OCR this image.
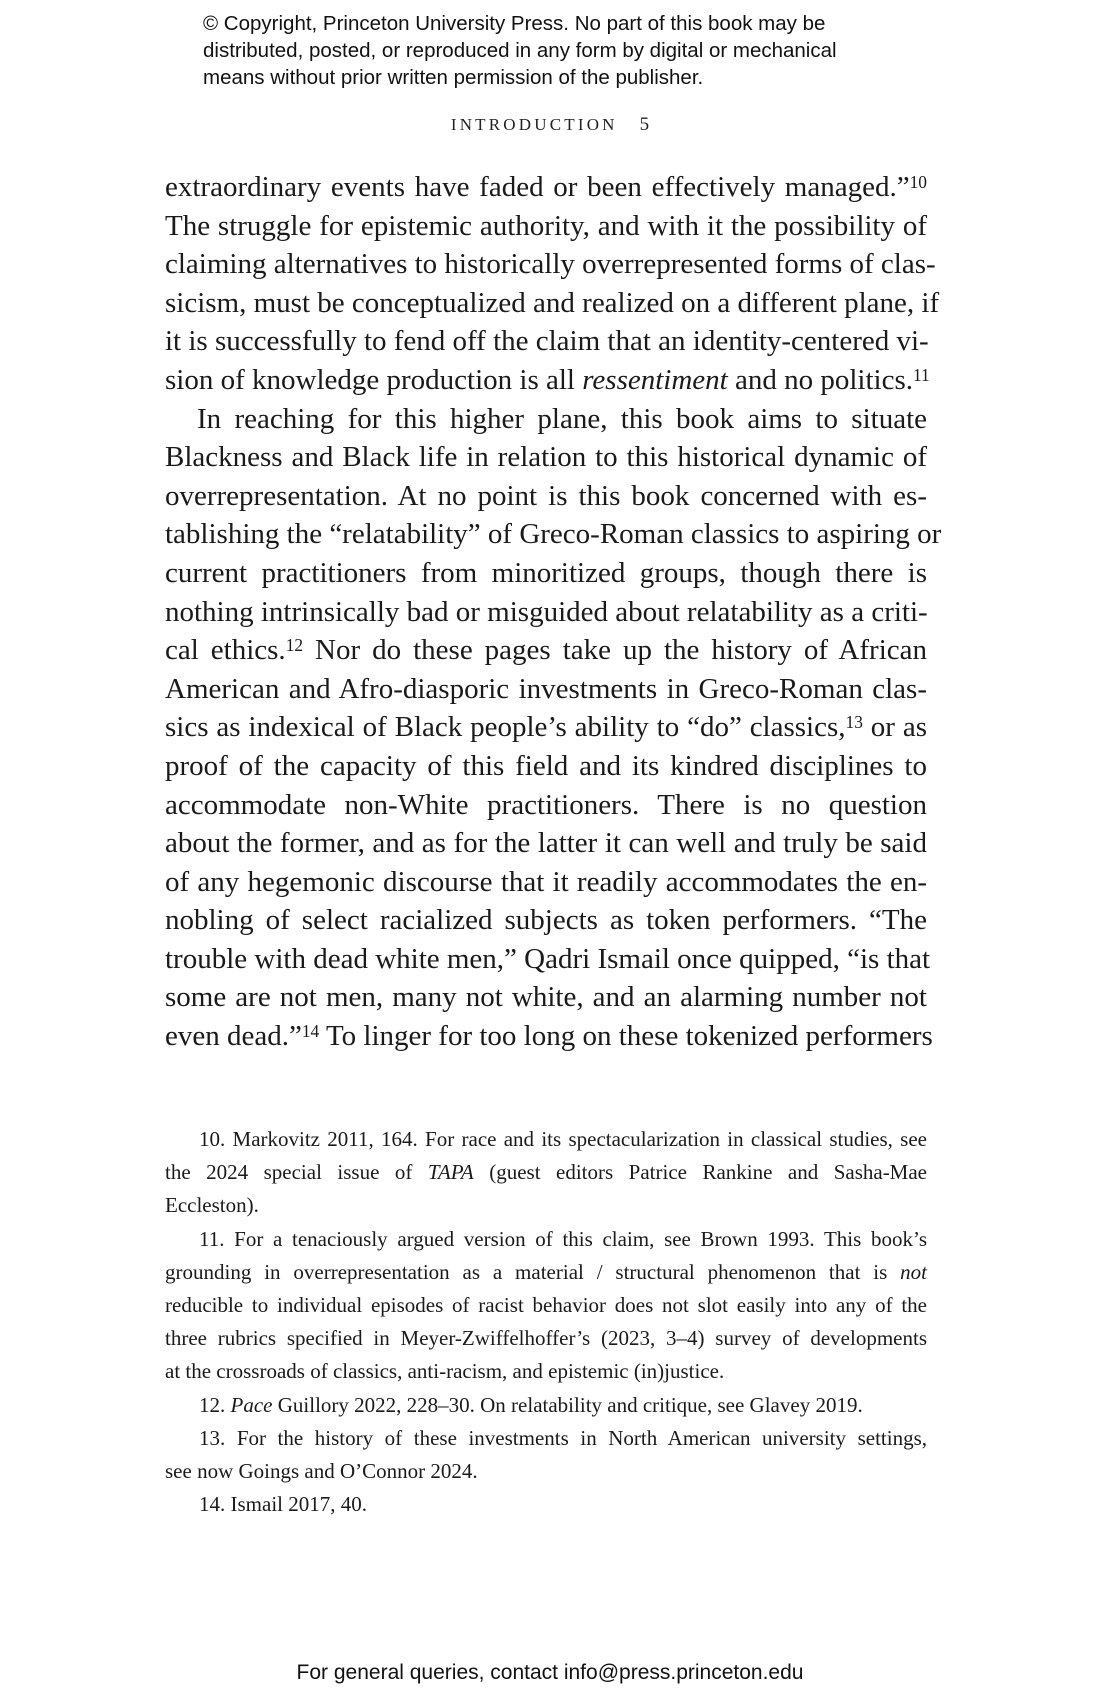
© Copyright, Princeton University Press. No part of this book may be
distributed, posted, or reproduced in any form by digital or mechanical
means without prior written permission of the publisher.
INTRODUCTION 5
extraordinary events have faded or been effectively managed.”$^{10}$
The struggle for epistemic authority, and with it the possibility of
claiming alternatives to historically overrepresented forms of clas-
sicism, must be conceptualized and realized on a different plane, if
it is successfully to fend off the claim that an identity-centered vi-
sion of knowledge production is all ressentiment and no politics.$^{11}$
In reaching for this higher plane, this book aims to situate
Blackness and Black life in relation to this historical dynamic of
overrepresentation. At no point is this book concerned with es-
tablishing the “relatability” of Greco-Roman classics to aspiring or
current practitioners from minoritized groups, though there is
nothing intrinsically bad or misguided about relatability as a criti-
cal ethics.$^{12}$ Nor do these pages take up the history of African
American and Afro-diasporic investments in Greco-Roman clas-
sics as indexical of Black people’s ability to “do” classics,$^{13}$ or as
proof of the capacity of this field and its kindred disciplines to
accommodate non-White practitioners. There is no question
about the former, and as for the latter it can well and truly be said
of any hegemonic discourse that it readily accommodates the en-
nobling of select racialized subjects as token performers. “The
trouble with dead white men,” Qadri Ismail once quipped, “is that
some are not men, many not white, and an alarming number not
even dead.”$^{14}$ To linger for too long on these tokenized performers
10. Markovitz 2011, 164. For race and its spectacularization in classical studies, see
the 2024 special issue of TAPA (guest editors Patrice Rankine and Sasha-Mae
Eccleston).
11. For a tenaciously argued version of this claim, see Brown 1993. This book’s
grounding in overrepresentation as a material / structural phenomenon that is not
reducible to individual episodes of racist behavior does not slot easily into any of the
three rubrics specified in Meyer-Zwiffelhoffer’s (2023, 3–4) survey of developments
at the crossroads of classics, anti-racism, and epistemic (in)justice.
12. Pace Guillory 2022, 228–30. On relatability and critique, see Glavey 2019.
13. For the history of these investments in North American university settings,
see now Goings and O’Connor 2024.
14. Ismail 2017, 40.
For general queries, contact info@press.princeton.edu
